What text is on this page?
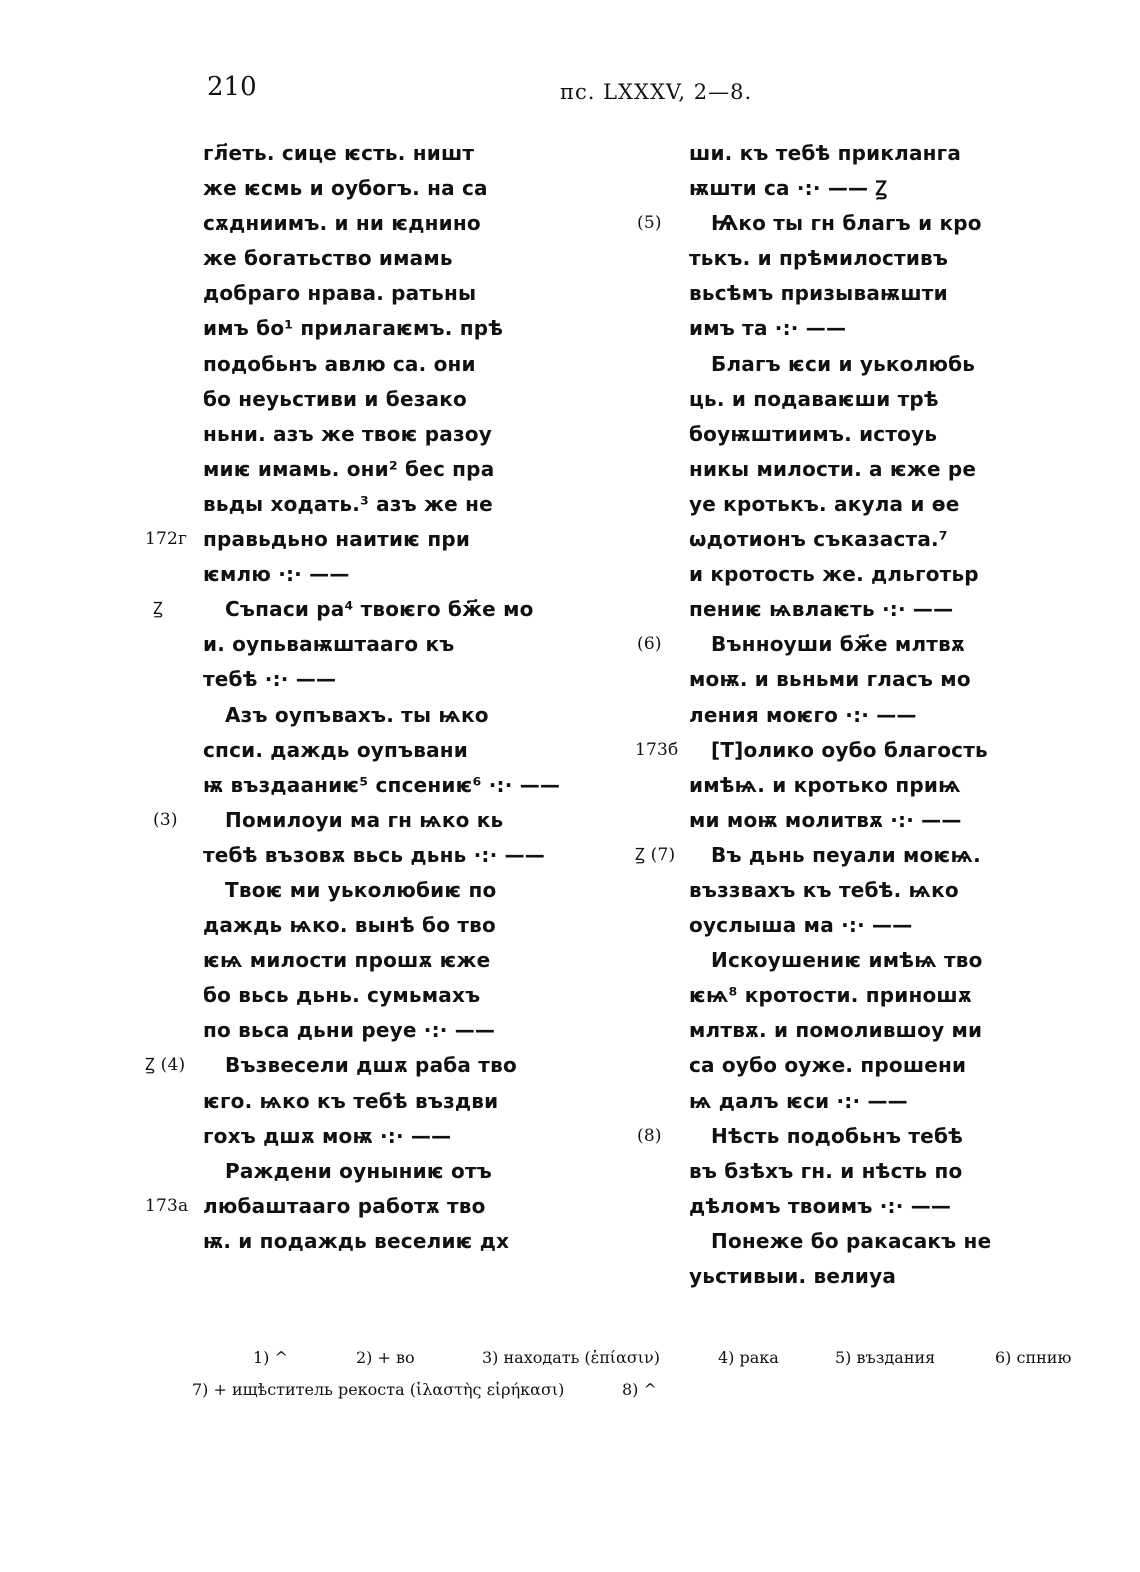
210	пс. LXXXV, 2—8.
гл҃еть. сице ѥсть. ништ
же ѥсмь и оубогъ. на са
сѫдниимъ. и ни ѥднино
же богатьство имамь
добраго нрава. ратьны
имъ бо¹ прилагаѥмъ. прѣ
подобьнъ авлю са. они
бо неуьстиви и безако
ньни. азъ же твоѥ разоу
миѥ имамь. они² бес пра
вьды ходать.³ азъ же не
172г правьдьно наитиѥ при
ѥмлю ·:· ——
Ꙁ	Съпаси ра⁴ твоѥго бж҃е мо
и. оупьваѭштааго къ
тебѣ ·:· ——
Азъ оупъвахъ. ты ѩко
спси. даждь оупъвани
ѭ въздааниѥ⁵ спсениѥ⁶ ·:· ——
(3) Помилоуи ма гн ѩко кь
тебѣ възовѫ вьсь дьнь ·:· ——
Твоѥ ми уьколюбиѥ по
даждь ѩко. вынѣ бо тво
ѥѩ милости прошѫ ѥже
бо вьсь дьнь. сумьмахъ
по вьса дьни реуе ·:· ——
Ꙁ (4) Възвесели дшѫ раба тво
ѥго. ѩко къ тебѣ въздви
гохъ дшѫ моѭ ·:· ——
Раждени оуныниѥ отъ
173а любаштааго работѫ тво
ѭ. и подаждь веселиѥ дх
ши. къ тебѣ прикланга
ѭшти са ·:· —— Ꙁ
(5) Ѩко ты гн благъ и кро
тькъ. и прѣмилостивъ
вьсѣмъ призываѭшти
имъ та ·:· ——
Благъ ѥси и уьколюбь
ць. и подаваѥши трѣ
боуѭштиимъ. истоуь
никы милости. а ѥже ре
уе кротькъ. акула и ѳе
ѡдотионъ съказаста.⁷
и кротость же. дльготьр
пениѥ ѩвлаѥть ·:· ——
(6) Вънноуши бж҃е млтвѫ
моѭ. и вьньми гласъ мо
ления моѥго ·:· ——
173б [Т]олико оубо благость
имѣѩ. и кротько приѩ
ми моѭ молитвѫ ·:· ——
Ꙁ (7) Въ дьнь пеуали моѥѩ.
въззвахъ къ тебѣ. ѩко
оуслыша ма ·:· ——
Искоушениѥ имѣѩ тво
ѥѩ⁸ кротости. приношѫ
млтвѫ. и помолившоу ми
са оубо оуже. прошени
ѩ далъ ѥси ·:· ——
(8) Нѣсть подобьнъ тебѣ
въ бзѣхъ гн. и нѣсть по
дѣломъ твоимъ ·:· ——
Понеже бо ракасакъ не
уьстивыи. велиуа
1) ^	2) + во	3) находать (ἐπίασιν)	4) рака	5) въздания	6) спнию
7) + ищѣститель рекоста (ἱλαστὴς εἰρήκασι)	8) ^
